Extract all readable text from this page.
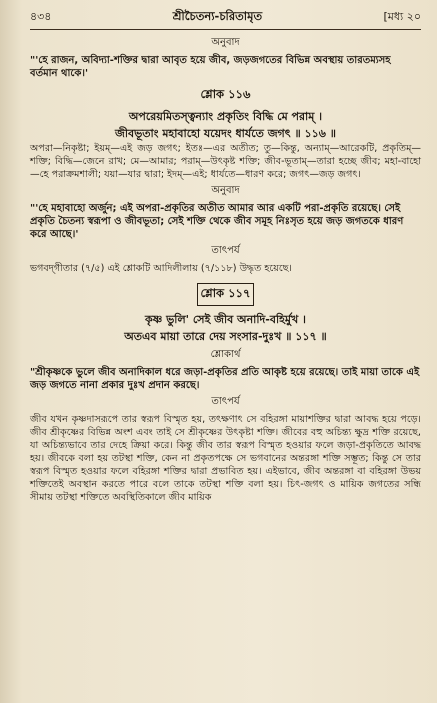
৪৩৪	শ্রীচৈতন্য-চরিতামৃত	[মধ্য ২০
অনুবাদ
"'হে রাজন, অবিদ্যা-শক্তির দ্বারা আবৃত হয়ে জীব, জড়জগতের বিভিন্ন অবস্থায় তারতম্যসহ বর্তমান থাকে।'
শ্লোক ১১৬
অপরেয়মিতস্ত্বন্যাং প্রকৃতিং বিদ্ধি মে পরাম্‌ ।
জীবভূতাং মহাবাহো যয়েদং ধার্যতে জগৎ ॥ ১১৬ ॥
অপরা—নিকৃষ্টা; ইয়ম্‌—এই জড় জগৎ; ইতঃ—এর অতীত; তু—কিন্তু, অন্যাম্‌—আরেকটি, প্রকৃতিম্‌—শক্তি; বিদ্ধি—জেনে রাখ; মে—আমার; পরাম্‌—উৎকৃষ্ট শক্তি; জীব-ভূতাম্‌—তারা হচ্ছে জীব; মহা-বাহো—হে পরাক্রমশালী; যয়া—যার দ্বারা; ইদম্‌—এই; ধার্যতে—ধারণ করে; জগৎ—জড় জগৎ।
অনুবাদ
"'হে মহাবাহো অর্জুন; এই অপরা-প্রকৃতির অতীত আমার আর একটি পরা-প্রকৃতি রয়েছে। সেই প্রকৃতি চৈতন্য স্বরূপা ও জীবভূতা; সেই শক্তি থেকে জীব সমূহ নিঃসৃত হয়ে জড় জগতকে ধারণ করে আছে।'
তাৎপর্য
ভগবদ্‌গীতার (৭/৫) এই শ্লোকটি আদিলীলায় (৭/১১৮) উদ্ধৃত হয়েছে।
শ্লোক ১১৭
কৃষ্ণ ভুলি' সেই জীব অনাদি-বহির্মুখ ।
অতএব মায়া তারে দেয় সংসার-দুঃখ ॥ ১১৭ ॥
শ্লোকার্থ
"শ্রীকৃষ্ণকে ভুলে জীব অনাদিকাল ধরে জড়া-প্রকৃতির প্রতি আকৃষ্ট হয়ে রয়েছে। তাই মায়া তাকে এই জড় জগতে নানা প্রকার দুঃখ প্রদান করছে।
তাৎপর্য
জীব যখন কৃষ্ণদাসরূপে তার স্বরূপ বিস্মৃত হয়, তৎক্ষণাৎ সে বহিরঙ্গা মায়াশক্তির দ্বারা আবদ্ধ হয়ে পড়ে। জীব শ্রীকৃষ্ণের বিভিন্ন অংশ এবং তাই সে শ্রীকৃষ্ণের উৎকৃষ্টা শক্তি। জীবের বহু অচিন্ত্য ক্ষুদ্র শক্তি রয়েছে, যা অচিন্ত্যভাবে তার দেহে ক্রিয়া করে। কিন্তু জীব তার স্বরূপ বিস্মৃত হওয়ার ফলে জড়া-প্রকৃতিতে আবদ্ধ হয়। জীবকে বলা হয় তটস্থা শক্তি, কেন না প্রকৃতপক্ষে সে ভগবানের অন্তরঙ্গা শক্তি সম্ভূত; কিন্তু সে তার স্বরূপ বিস্মৃত হওয়ার ফলে বহিরঙ্গা শক্তির দ্বারা প্রভাবিত হয়। এইভাবে, জীব অন্তরঙ্গা বা বহিরঙ্গা উভয় শক্তিতেই অবস্থান করতে পারে বলে তাকে তটস্থা শক্তি বলা হয়। চিৎ-জগৎ ও মায়িক জগতের সন্ধি সীমায় তটস্থা শক্তিতে অবস্থিতিকালে জীব মায়িক
